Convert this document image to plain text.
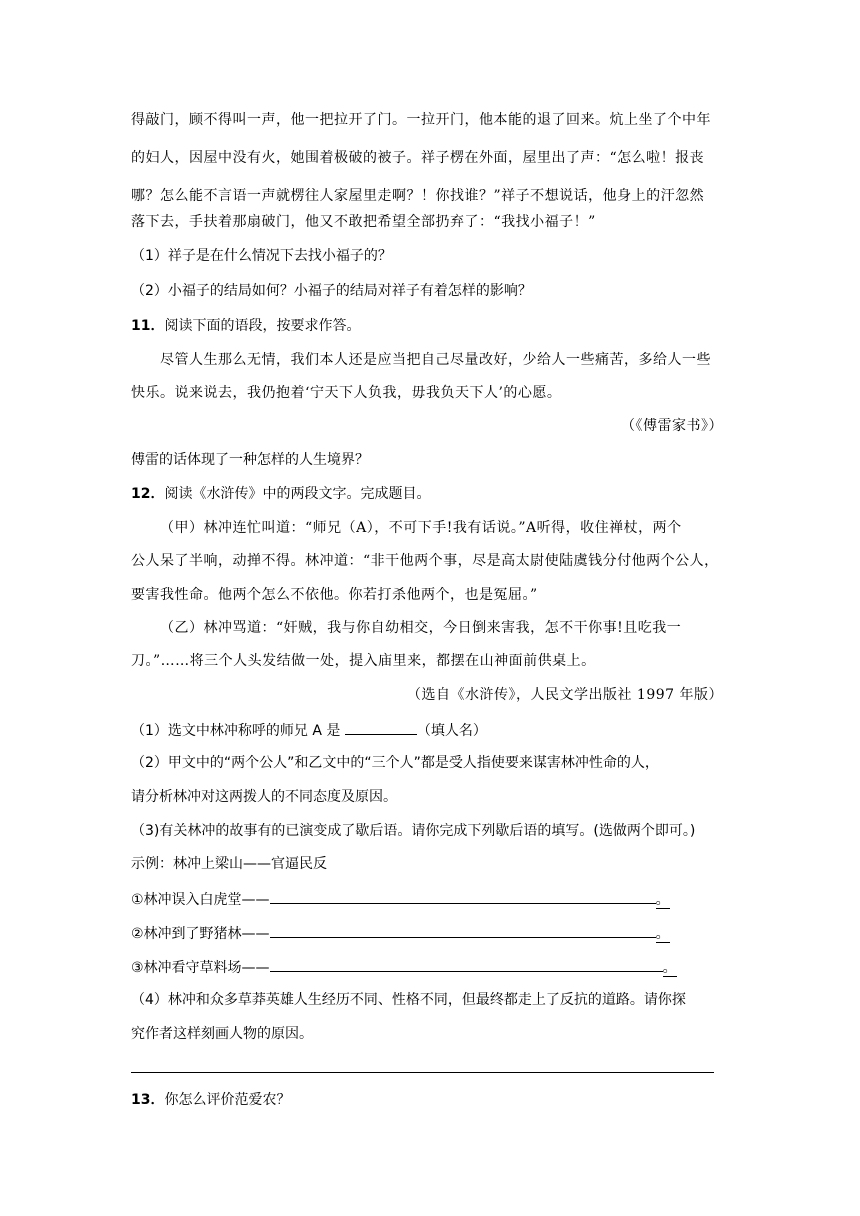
得敲门，顾不得叫一声，他一把拉开了门。一拉开门，他本能的退了回来。炕上坐了个中年
的妇人，因屋中没有火，她围着极破的被子。祥子楞在外面，屋里出了声：“怎么啦！报丧
哪？怎么能不言语一声就楞往人家屋里走啊？！你找谁？”祥子不想说话，他身上的汗忽然
落下去，手扶着那扇破门，他又不敢把希望全部扔弃了：“我找小福子！”
（1）祥子是在什么情况下去找小福子的？
（2）小福子的结局如何？小福子的结局对祥子有着怎样的影响？
11．阅读下面的语段，按要求作答。
尽管人生那么无情，我们本人还是应当把自己尽量改好，少给人一些痛苦，多给人一些
快乐。说来说去，我仍抱着‘宁天下人负我，毋我负天下人’的心愿。
（《傅雷家书》）
傅雷的话体现了一种怎样的人生境界？
12．阅读《水浒传》中的两段文字。完成题目。
（甲）林冲连忙叫道：“师兄（A），不可下手!我有话说。”A听得，收住禅杖，两个
公人呆了半响，动掸不得。林冲道：“非干他两个事，尽是高太尉使陆虞钱分付他两个公人，
要害我性命。他两个怎么不依他。你若打杀他两个，也是冤屈。”
（乙）林冲骂道：“奸贼，我与你自幼相交，今日倒来害我，怎不干你事!且吃我一
刀。”……将三个人头发结做一处，提入庙里来，都摆在山神面前供桌上。
（选自《水浒传》，人民文学出版社 1997 年版）
（1）选文中林冲称呼的师兄 A 是	（填人名）
（2）甲文中的“两个公人”和乙文中的“三个人”都是受人指使要来谋害林冲性命的人，
请分析林冲对这两拨人的不同态度及原因。
（3)有关林冲的故事有的已演变成了歇后语。请你完成下列歇后语的填写。(选做两个即可。)
示例：林冲上梁山——官逼民反
①林冲误入白虎堂——	。
②林冲到了野猪林——	。
③林冲看守草料场——	。
（4）林冲和众多草莽英雄人生经历不同、性格不同，但最终都走上了反抗的道路。请你探
究作者这样刻画人物的原因。
13．你怎么评价范爱农？
